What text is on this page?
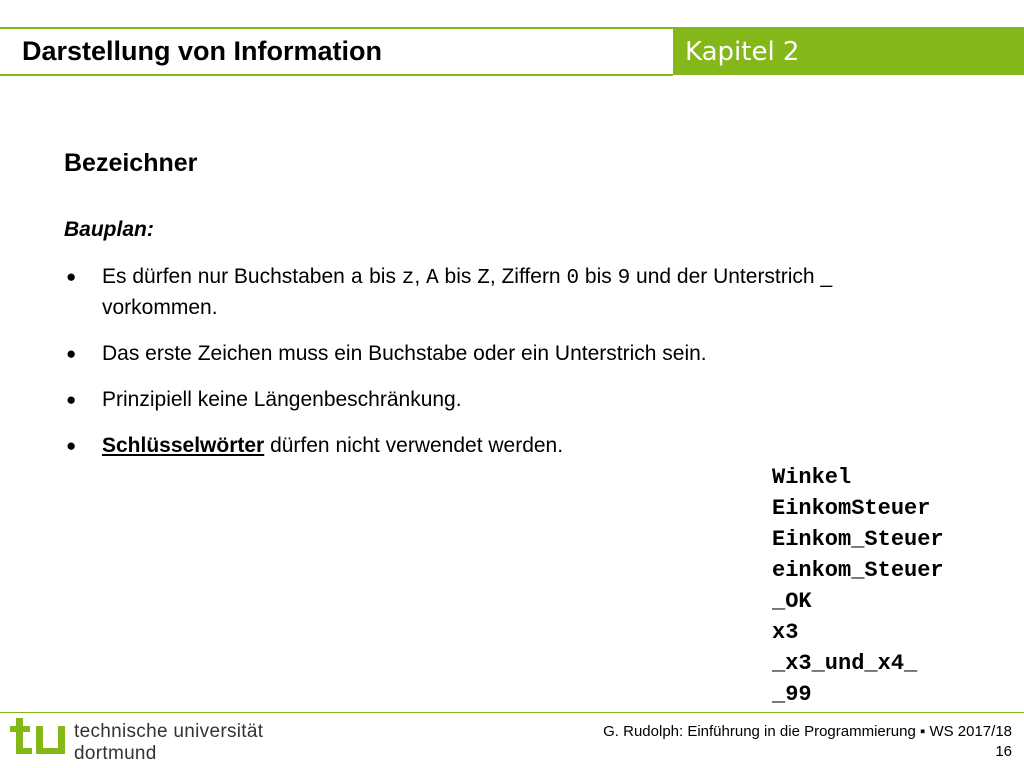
Darstellung von Information	Kapitel 2
Bezeichner
Bauplan:
● Es dürfen nur Buchstaben a bis z, A bis Z, Ziffern 0 bis 9 und der Unterstrich _ vorkommen.
● Das erste Zeichen muss ein Buchstabe oder ein Unterstrich sein.
● Prinzipiell keine Längenbeschränkung.
● Schlüsselwörter dürfen nicht verwendet werden.
Winkel
EinkomSteuer
Einkom_Steuer
einkom_Steuer
_OK
x3
_x3_und_x4_
_99
technische universität
dortmund
G. Rudolph: Einführung in die Programmierung ▪ WS 2017/18
16
